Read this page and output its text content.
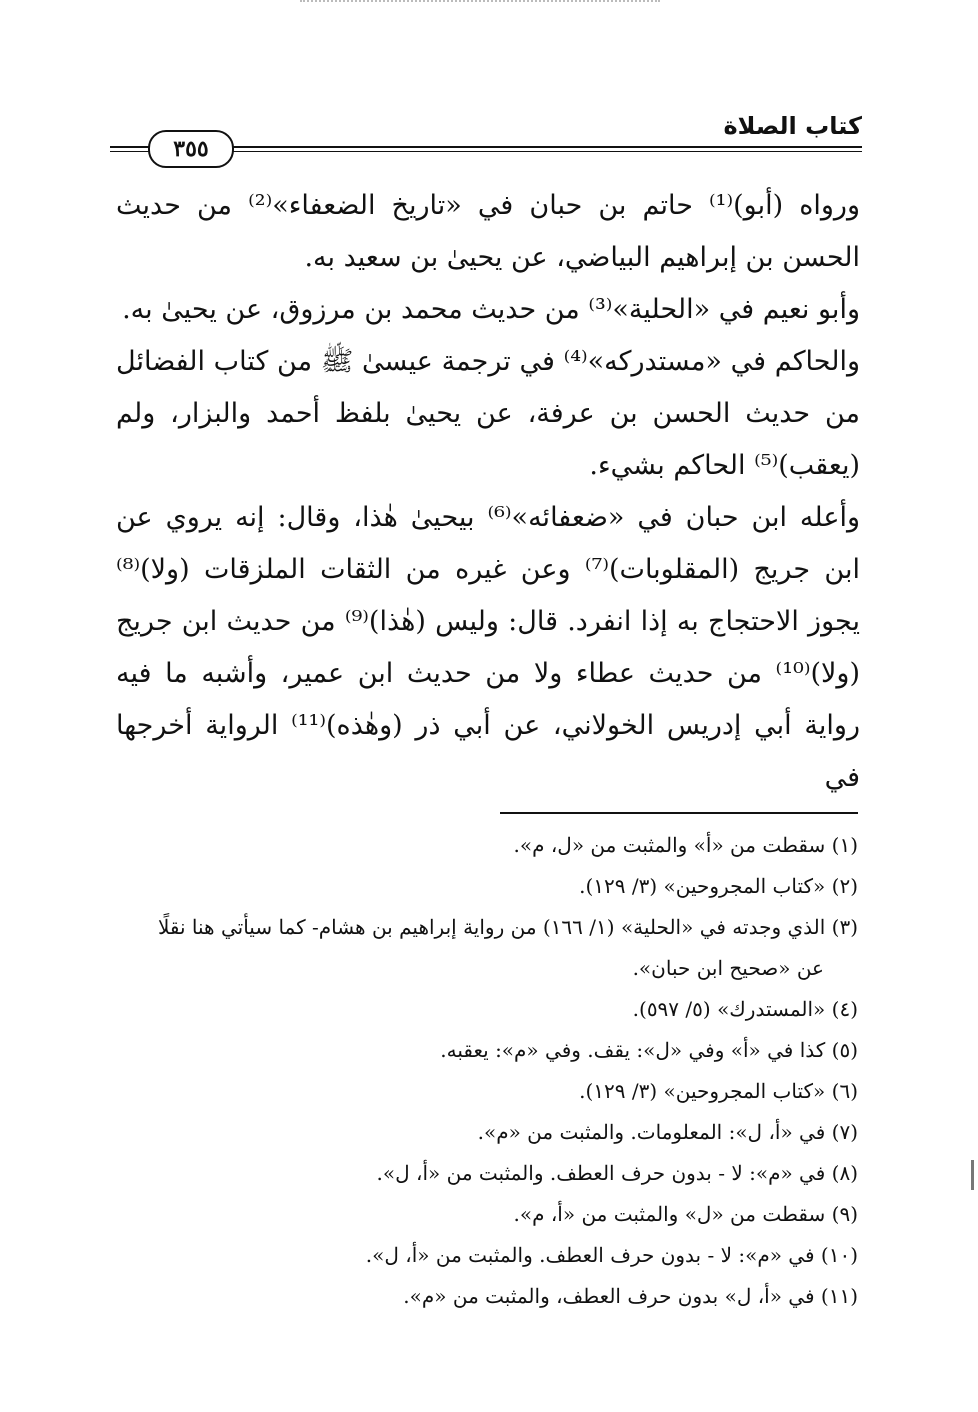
كتاب الصلاة
٣٥٥

ورواه (أبو)⁽¹⁾ حاتم بن حبان في «تاريخ الضعفاء»⁽²⁾ من حديث الحسن بن إبراهيم البياضي، عن يحيىٰ بن سعيد به.

وأبو نعيم في «الحلية»⁽³⁾ من حديث محمد بن مرزوق، عن يحيىٰ به.

والحاكم في «مستدركه»⁽⁴⁾ في ترجمة عيسىٰ ﷺ من كتاب الفضائل من حديث الحسن بن عرفة، عن يحيىٰ بلفظ أحمد والبزار، ولم (يعقب)⁽⁵⁾ الحاكم بشيء.

وأعله ابن حبان في «ضعفائه»⁽⁶⁾ بيحيىٰ هٰذا، وقال: إنه يروي عن ابن جريج (المقلوبات)⁽⁷⁾ وعن غيره من الثقات الملزقات (ولا)⁽⁸⁾ يجوز الاحتجاج به إذا انفرد. قال: وليس (هٰذا)⁽⁹⁾ من حديث ابن جريج (ولا)⁽¹⁰⁾ من حديث عطاء ولا من حديث ابن عمير، وأشبه ما فيه رواية أبي إدريس الخولاني، عن أبي ذر (وهٰذه)⁽¹¹⁾ الرواية أخرجها في

(١) سقطت من «أ» والمثبت من «ل، م».

(٢) «كتاب المجروحين» (٣/ ١٢٩).

(٣) الذي وجدته في «الحلية» (١/ ١٦٦) من رواية إبراهيم بن هشام- كما سيأتي هنا نقلًا

عن «صحيح ابن حبان».

(٤) «المستدرك» (٥/ ٥٩٧).

(٥) كذا في «أ» وفي «ل»: يقف. وفي «م»: يعقبه.

(٦) «كتاب المجروحين» (٣/ ١٢٩).

(٧) في «أ، ل»: المعلومات. والمثبت من «م».

(٨) في «م»: لا - بدون حرف العطف. والمثبت من «أ، ل».

(٩) سقطت من «ل» والمثبت من «أ، م».

(١٠) في «م»: لا - بدون حرف العطف. والمثبت من «أ، ل».

(١١) في «أ، ل» بدون حرف العطف، والمثبت من «م».
